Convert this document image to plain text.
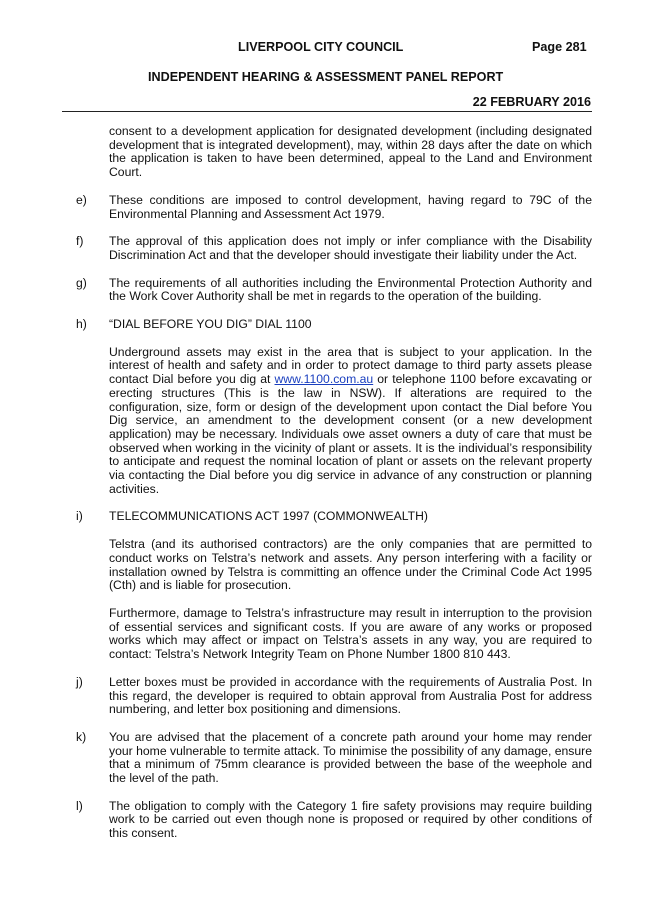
LIVERPOOL CITY COUNCIL	Page 281
INDEPENDENT HEARING & ASSESSMENT PANEL REPORT
22 FEBRUARY 2016
consent to a development application for designated development (including designated development that is integrated development), may, within 28 days after the date on which the application is taken to have been determined, appeal to the Land and Environment Court.
e)	These conditions are imposed to control development, having regard to 79C of the Environmental Planning and Assessment Act 1979.
f)	The approval of this application does not imply or infer compliance with the Disability Discrimination Act and that the developer should investigate their liability under the Act.
g)	The requirements of all authorities including the Environmental Protection Authority and the Work Cover Authority shall be met in regards to the operation of the building.
h)	“DIAL BEFORE YOU DIG” DIAL 1100
Underground assets may exist in the area that is subject to your application. In the interest of health and safety and in order to protect damage to third party assets please contact Dial before you dig at www.1100.com.au or telephone 1100 before excavating or erecting structures (This is the law in NSW). If alterations are required to the configuration, size, form or design of the development upon contact the Dial before You Dig service, an amendment to the development consent (or a new development application) may be necessary. Individuals owe asset owners a duty of care that must be observed when working in the vicinity of plant or assets. It is the individual’s responsibility to anticipate and request the nominal location of plant or assets on the relevant property via contacting the Dial before you dig service in advance of any construction or planning activities.
i)	TELECOMMUNICATIONS ACT 1997 (COMMONWEALTH)
Telstra (and its authorised contractors) are the only companies that are permitted to conduct works on Telstra’s network and assets. Any person interfering with a facility or installation owned by Telstra is committing an offence under the Criminal Code Act 1995 (Cth) and is liable for prosecution.
Furthermore, damage to Telstra’s infrastructure may result in interruption to the provision of essential services and significant costs. If you are aware of any works or proposed works which may affect or impact on Telstra’s assets in any way, you are required to contact: Telstra’s Network Integrity Team on Phone Number 1800 810 443.
j)	Letter boxes must be provided in accordance with the requirements of Australia Post. In this regard, the developer is required to obtain approval from Australia Post for address numbering, and letter box positioning and dimensions.
k)	You are advised that the placement of a concrete path around your home may render your home vulnerable to termite attack. To minimise the possibility of any damage, ensure that a minimum of 75mm clearance is provided between the base of the weephole and the level of the path.
l)	The obligation to comply with the Category 1 fire safety provisions may require building work to be carried out even though none is proposed or required by other conditions of this consent.
